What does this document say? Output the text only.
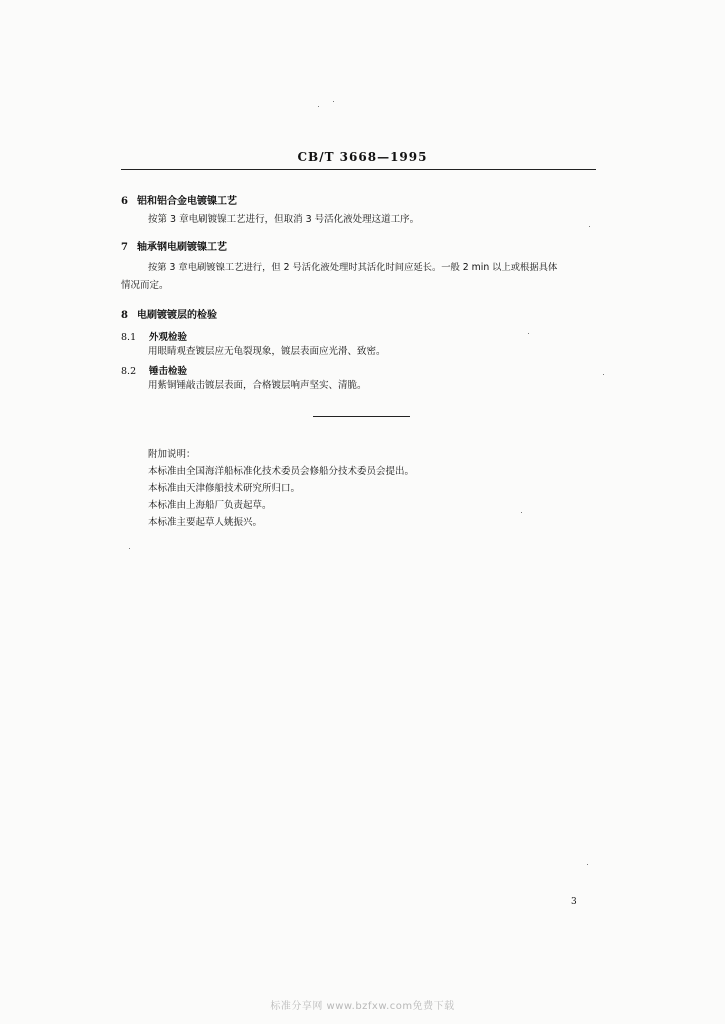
CB/T 3668—1995
6 铝和铝合金电镀镍工艺
按第 3 章电刷镀镍工艺进行，但取消 3 号活化液处理这道工序。
7 轴承钢电刷镀镍工艺
按第 3 章电刷镀镍工艺进行，但 2 号活化液处理时其活化时间应延长。一般 2 min 以上或根据具体
情况而定。
8 电刷镀镀层的检验
8.1 外观检验
用眼睛观查镀层应无龟裂现象，镀层表面应光滑、致密。
8.2 锤击检验
用紫铜锤敲击镀层表面，合格镀层响声坚实、清脆。
附加说明：
本标准由全国海洋船标准化技术委员会修船分技术委员会提出。
本标准由天津修船技术研究所归口。
本标准由上海船厂负责起草。
本标准主要起草人姚振兴。
3
标准分享网 www.bzfxw.com免费下载
